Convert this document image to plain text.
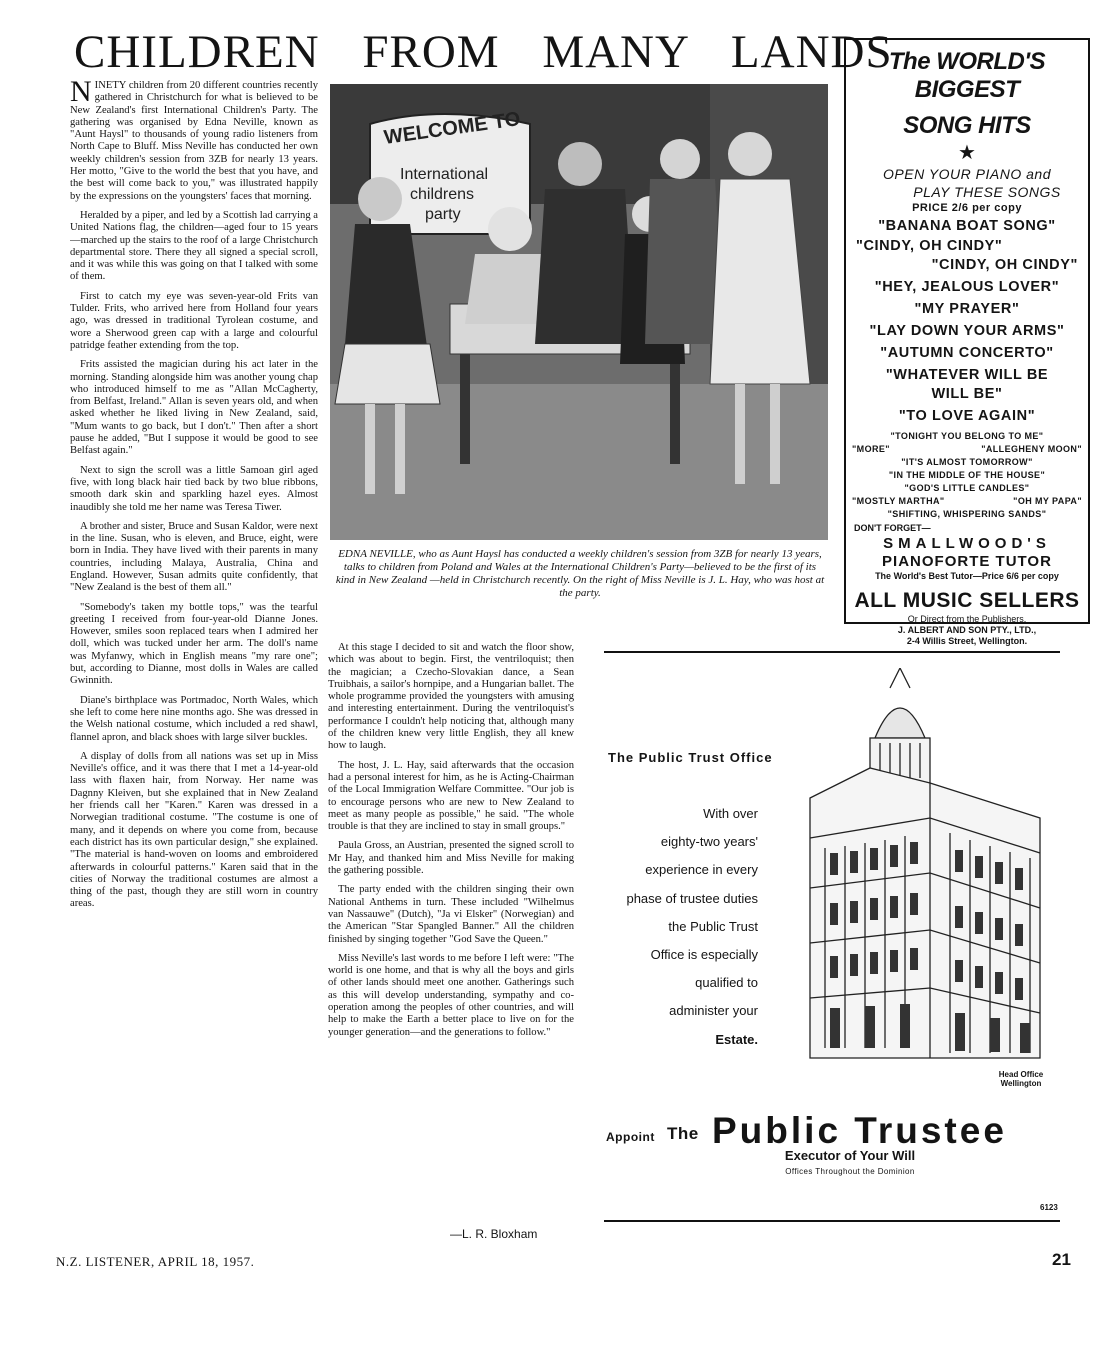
CHILDREN FROM MANY LANDS

NINETY children from 20 different countries recently gathered in Christchurch for what is believed to be New Zealand's first International Children's Party. The gathering was organised by Edna Neville, known as "Aunt Haysl" to thousands of young radio listeners from North Cape to Bluff. Miss Neville has conducted her own weekly children's session from 3ZB for nearly 13 years. Her motto, "Give to the world the best that you have, and the best will come back to you," was illustrated happily by the expressions on the youngsters' faces that morning.

Heralded by a piper, and led by a Scottish lad carrying a United Nations flag, the children—aged four to 15 years —marched up the stairs to the roof of a large Christchurch departmental store. There they all signed a special scroll, and it was while this was going on that I talked with some of them.

First to catch my eye was seven-year-old Frits van Tulder. Frits, who arrived here from Holland four years ago, was dressed in traditional Tyrolean costume, and wore a Sherwood green cap with a large and colourful patridge feather extending from the top.

Frits assisted the magician during his act later in the morning. Standing alongside him was another young chap who introduced himself to me as "Allan McCagherty, from Belfast, Ireland." Allan is seven years old, and when asked whether he liked living in New Zealand, said, "Mum wants to go back, but I don't." Then after a short pause he added, "But I suppose it would be good to see Belfast again."

Next to sign the scroll was a little Samoan girl aged five, with long black hair tied back by two blue ribbons, smooth dark skin and sparkling hazel eyes. Almost inaudibly she told me her name was Teresa Tiwer.

A brother and sister, Bruce and Susan Kaldor, were next in the line. Susan, who is eleven, and Bruce, eight, were born in India. They have lived with their parents in many countries, including Malaya, Australia, China and England. However, Susan admits quite confidently, that "New Zealand is the best of them all."

"Somebody's taken my bottle tops," was the tearful greeting I received from four-year-old Dianne Jones. However, smiles soon replaced tears when I admired her doll, which was tucked under her arm. The doll's name was Myfanwy, which in English means "my rare one"; but, according to Dianne, most dolls in Wales are called Gwinnith.

Diane's birthplace was Portmadoc, North Wales, which she left to come here nine months ago. She was dressed in the Welsh national costume, which included a red shawl, flannel apron, and black shoes with large silver buckles.

A display of dolls from all nations was set up in Miss Neville's office, and it was there that I met a 14-year-old lass with flaxen hair, from Norway. Her name was Dagnny Kleiven, but she explained that in New Zealand her friends call her "Karen." Karen was dressed in a Norwegian traditional costume. "The costume is one of many, and it depends on where you come from, because each district has its own particular design," she explained. "The material is hand-woven on looms and embroidered afterwards in colourful patterns." Karen said that in the cities of Norway the traditional costumes are almost a thing of the past, though they are still worn in country areas.

WELCOME TO
International
childrens
party
EDNA NEVILLE, who as Aunt Haysl has conducted a weekly children's session from 3ZB for nearly 13 years, talks to children from Poland and Wales at the International Children's Party—believed to be the first of its kind in New Zealand —held in Christchurch recently. On the right of Miss Neville is J. L. Hay, who was host at the party.

At this stage I decided to sit and watch the floor show, which was about to begin. First, the ventriloquist; then the magician; a Czecho-Slovakian dance, a Sean Truibhais, a sailor's hornpipe, and a Hungarian ballet. The whole programme provided the youngsters with amusing and interesting entertainment. During the ventriloquist's performance I couldn't help noticing that, although many of the children knew very little English, they all knew how to laugh.

The host, J. L. Hay, said afterwards that the occasion had a personal interest for him, as he is Acting-Chairman of the Local Immigration Welfare Committee. "Our job is to encourage persons who are new to New Zealand to meet as many people as possible," he said. "The whole trouble is that they are inclined to stay in small groups."

Paula Gross, an Austrian, presented the signed scroll to Mr Hay, and thanked him and Miss Neville for making the gathering possible.

The party ended with the children singing their own National Anthems in turn. These included "Wilhelmus van Nassauwe" (Dutch), "Ja vi Elsker" (Norwegian) and the American "Star Spangled Banner." All the children finished by singing together "God Save the Queen."

Miss Neville's last words to me before I left were: "The world is one home, and that is why all the boys and girls of other lands should meet one another. Gatherings such as this will develop understanding, sympathy and co-operation among the peoples of other countries, and will help to make the Earth a better place to live on for the younger generation—and the generations to follow."

—L. R. Bloxham
The WORLD'S BIGGEST
SONG HITS
★
OPEN YOUR PIANO and
PLAY THESE SONGS
PRICE 2/6 per copy
"BANANA BOAT SONG"
"CINDY, OH CINDY"
"CINDY, OH CINDY"
"HEY, JEALOUS LOVER"
"MY PRAYER"
"LAY DOWN YOUR ARMS"
"AUTUMN CONCERTO"
"WHATEVER WILL BE
WILL BE"
"TO LOVE AGAIN"
"TONIGHT YOU BELONG TO ME"
"MORE"	"ALLEGHENY MOON"
"IT'S ALMOST TOMORROW"
"IN THE MIDDLE OF THE HOUSE"
"GOD'S LITTLE CANDLES"
"MOSTLY MARTHA"	"OH MY PAPA"
"SHIFTING, WHISPERING SANDS"
DON'T FORGET—
SMALLWOOD'S
PIANOFORTE TUTOR
The World's Best Tutor—Price 6/6 per copy
ALL MUSIC SELLERS
Or Direct from the Publishers,
J. ALBERT AND SON PTY., LTD.,
2-4 Willis Street, Wellington.
The Public Trust Office
With over
eighty-two years'
experience in every
phase of trustee duties
the Public Trust
Office is especially
qualified to
administer your
Estate.
Head Office
Wellington
Appoint The Public Trustee
Executor of Your Will
Offices Throughout the Dominion
6123
N.Z. LISTENER, APRIL 18, 1957.	21
